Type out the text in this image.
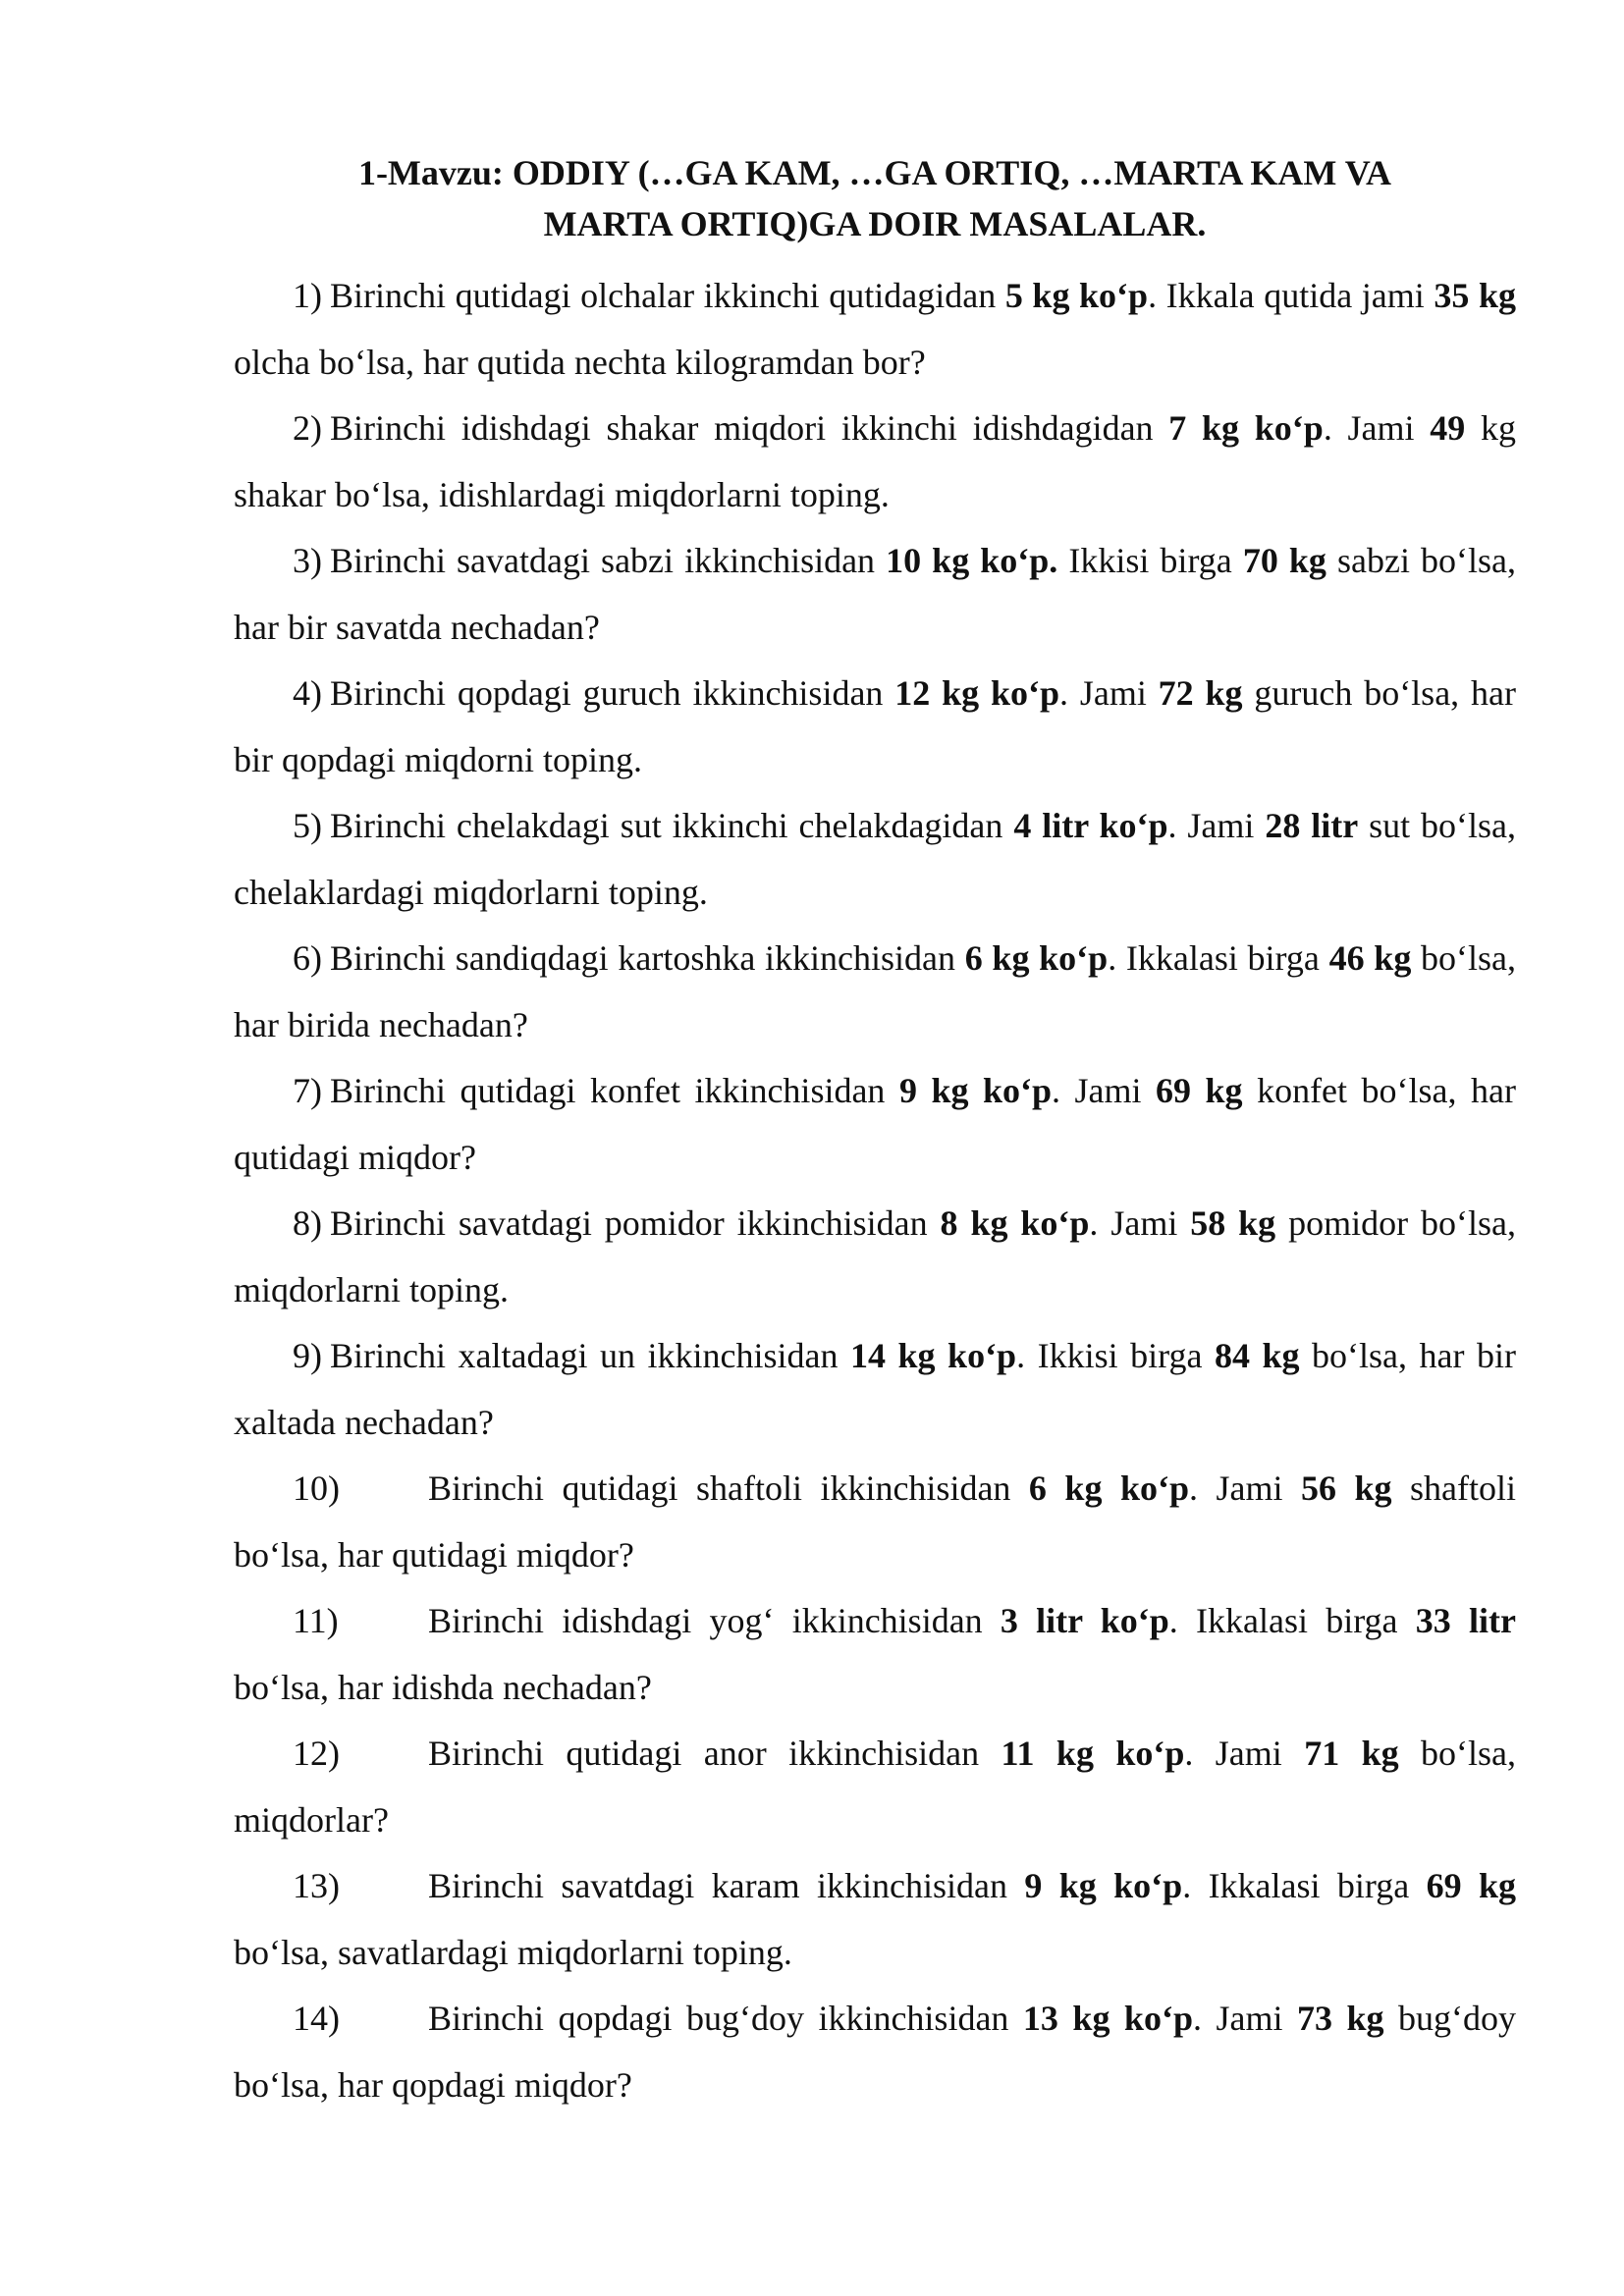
1-Mavzu: ODDIY (…GA KAM, …GA ORTIQ, …MARTA KAM VA
MARTA ORTIQ)GA DOIR MASALALAR.

1) Birinchi qutidagi olchalar ikkinchi qutidagidan 5 kg ko‘p. Ikkala qutida jami 35 kg olcha bo‘lsa, har qutida nechta kilogramdan bor?

2) Birinchi idishdagi shakar miqdori ikkinchi idishdagidan 7 kg ko‘p. Jami 49 kg shakar bo‘lsa, idishlardagi miqdorlarni toping.

3) Birinchi savatdagi sabzi ikkinchisidan 10 kg ko‘p. Ikkisi birga 70 kg sabzi bo‘lsa, har bir savatda nechadan?

4) Birinchi qopdagi guruch ikkinchisidan 12 kg ko‘p. Jami 72 kg guruch bo‘lsa, har bir qopdagi miqdorni toping.

5) Birinchi chelakdagi sut ikkinchi chelakdagidan 4 litr ko‘p. Jami 28 litr sut bo‘lsa, chelaklardagi miqdorlarni toping.

6) Birinchi sandiqdagi kartoshka ikkinchisidan 6 kg ko‘p. Ikkalasi birga 46 kg bo‘lsa, har birida nechadan?

7) Birinchi qutidagi konfet ikkinchisidan 9 kg ko‘p. Jami 69 kg konfet bo‘lsa, har qutidagi miqdor?

8) Birinchi savatdagi pomidor ikkinchisidan 8 kg ko‘p. Jami 58 kg pomidor bo‘lsa, miqdorlarni toping.

9) Birinchi xaltadagi un ikkinchisidan 14 kg ko‘p. Ikkisi birga 84 kg bo‘lsa, har bir xaltada nechadan?

10)	Birinchi qutidagi shaftoli ikkinchisidan 6 kg ko‘p. Jami 56 kg shaftoli bo‘lsa, har qutidagi miqdor?

11)	Birinchi idishdagi yog‘ ikkinchisidan 3 litr ko‘p. Ikkalasi birga 33 litr bo‘lsa, har idishda nechadan?

12)	Birinchi qutidagi anor ikkinchisidan 11 kg ko‘p. Jami 71 kg bo‘lsa, miqdorlar?

13)	Birinchi savatdagi karam ikkinchisidan 9 kg ko‘p. Ikkalasi birga 69 kg bo‘lsa, savatlardagi miqdorlarni toping.

14)	Birinchi qopdagi bug‘doy ikkinchisidan 13 kg ko‘p. Jami 73 kg bug‘doy bo‘lsa, har qopdagi miqdor?
